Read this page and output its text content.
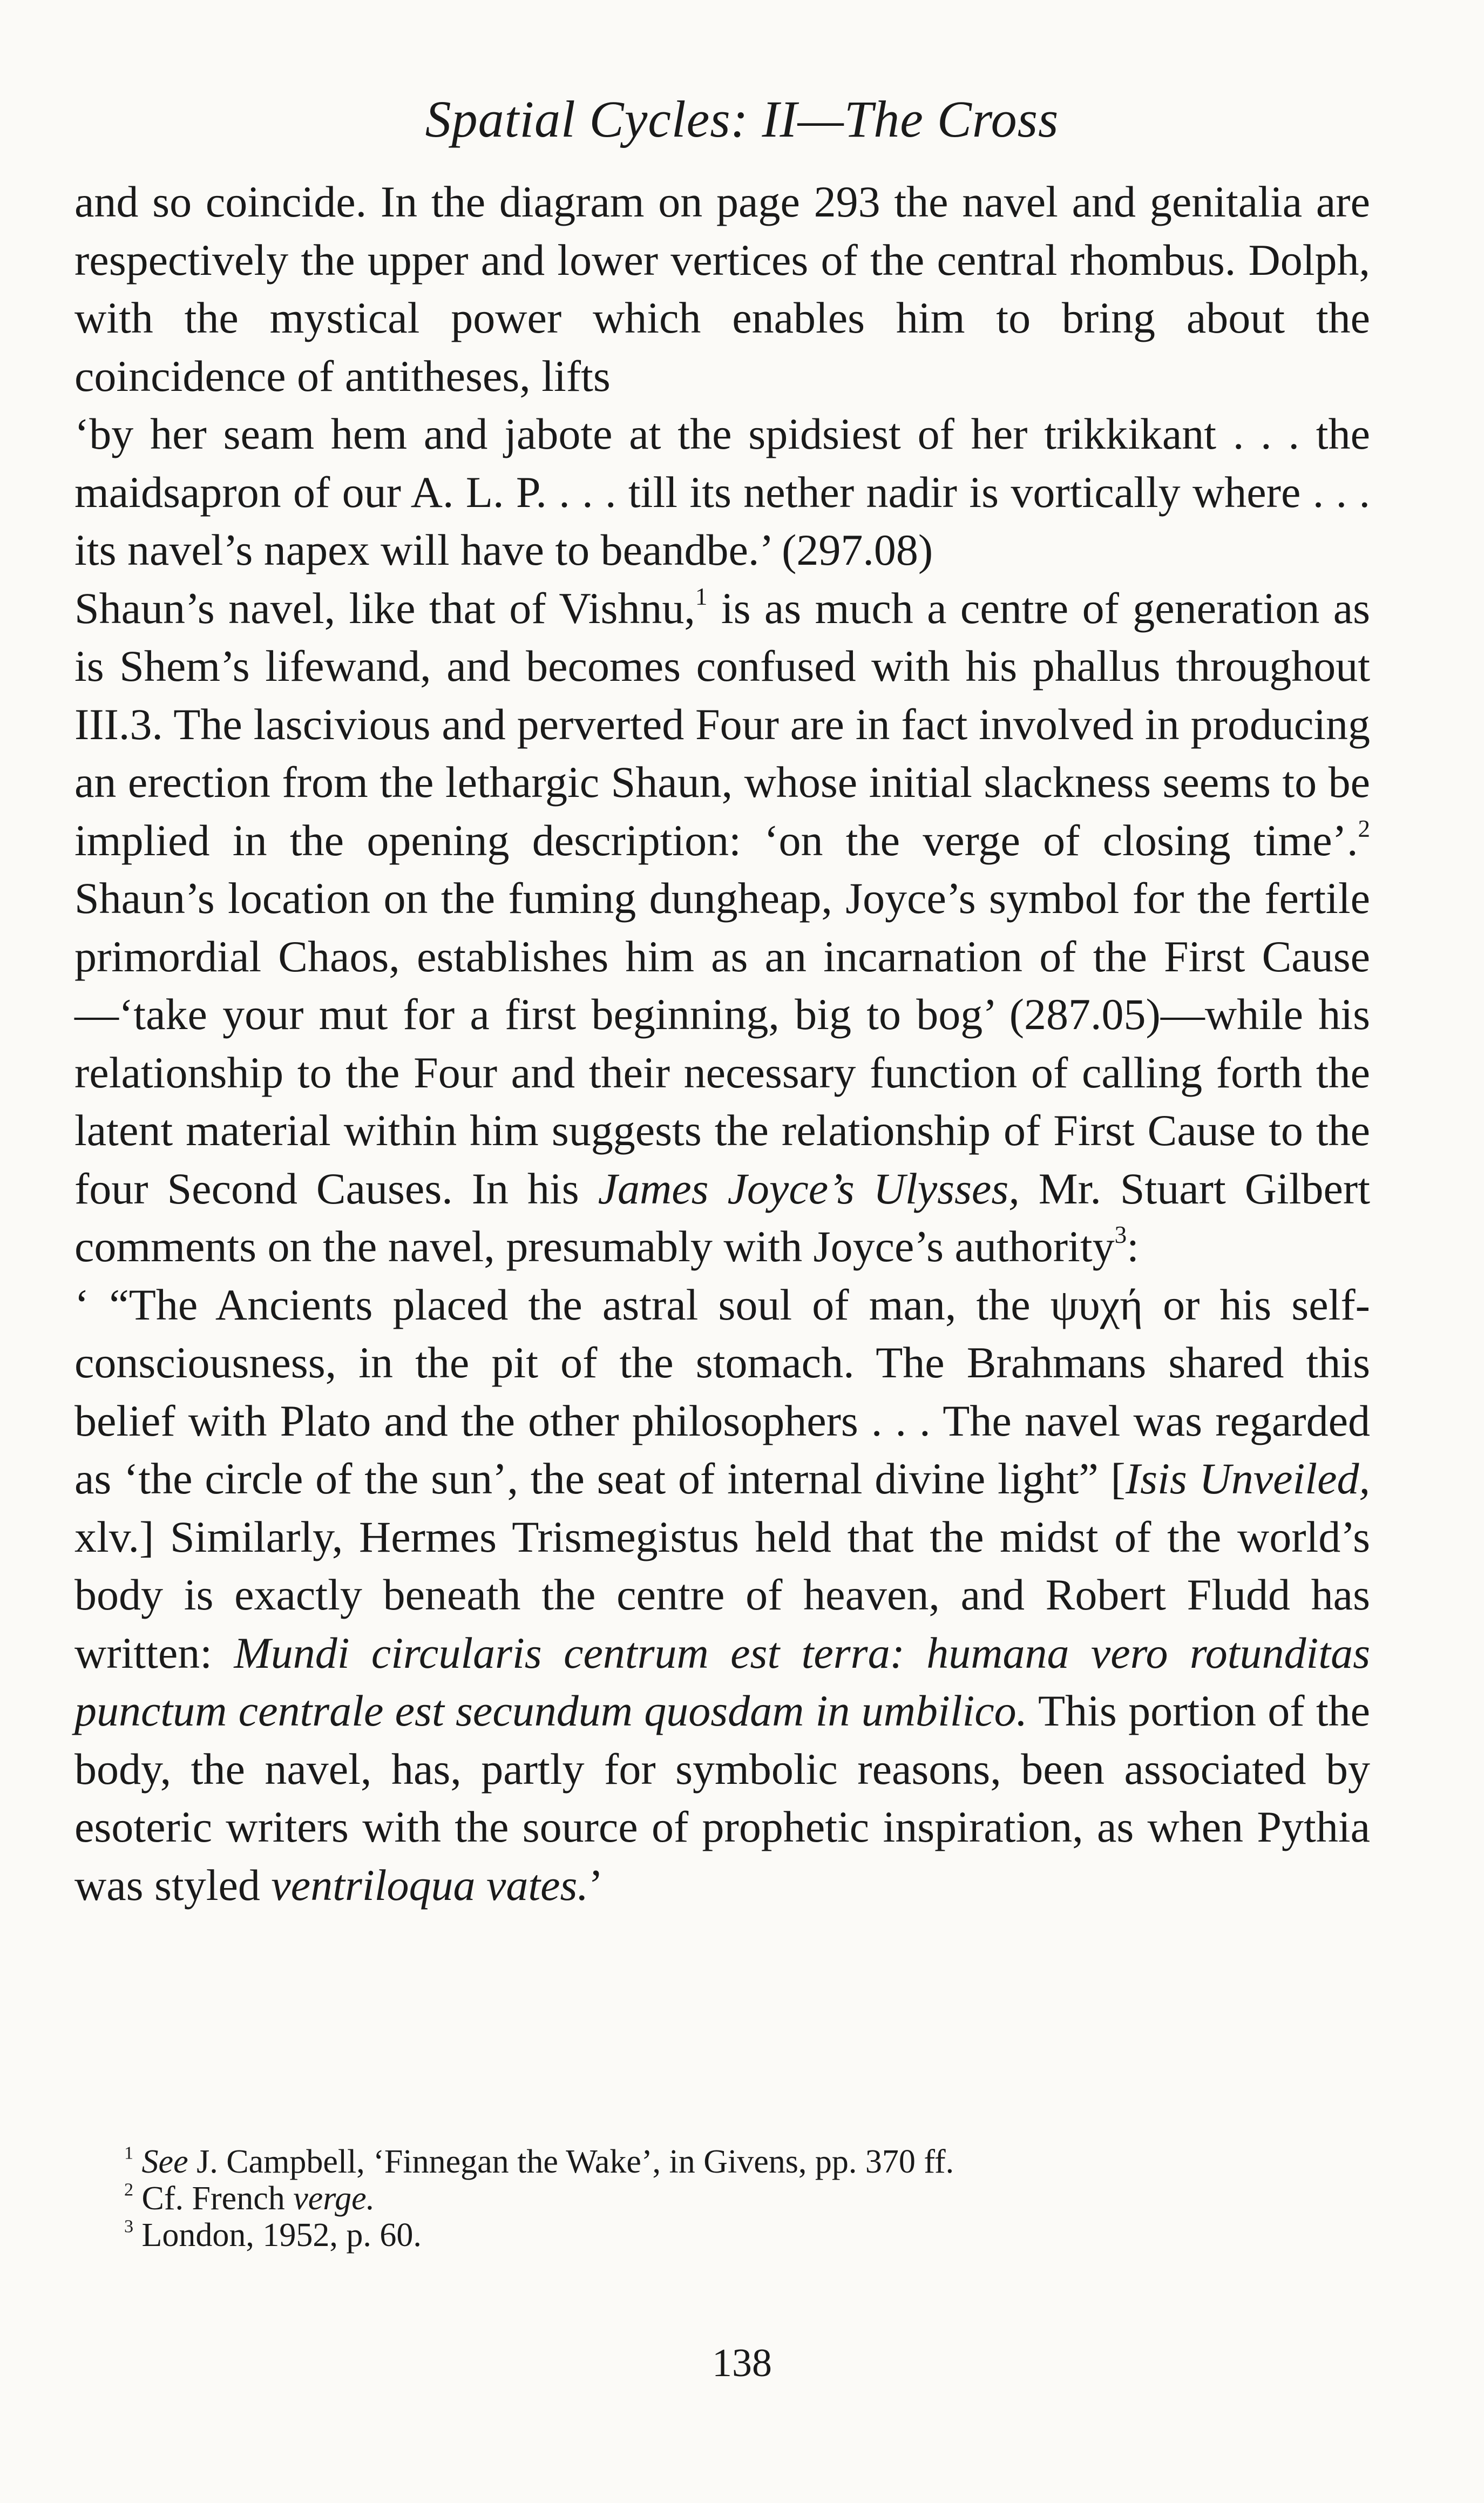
Spatial Cycles: II—The Cross

and so coincide. In the diagram on page 293 the navel and genitalia are respectively the upper and lower vertices of the central rhombus. Dolph, with the mystical power which enables him to bring about the coincidence of antitheses, lifts

‘by her seam hem and jabote at the spidsiest of her trikkikant . . . the maidsapron of our A. L. P. . . . till its nether nadir is vortically where . . . its navel’s napex will have to beandbe.’ (297.08)

Shaun’s navel, like that of Vishnu,$^1$ is as much a centre of generation as is Shem’s lifewand, and becomes confused with his phallus throughout III.3. The lascivious and perverted Four are in fact involved in producing an erection from the lethargic Shaun, whose initial slackness seems to be implied in the opening description: ‘on the verge of closing time’.$^2$ Shaun’s location on the fuming dungheap, Joyce’s symbol for the fertile primordial Chaos, establishes him as an incarnation of the First Cause—‘take your mut for a first beginning, big to bog’ (287.05)—while his relationship to the Four and their necessary function of calling forth the latent material within him suggests the relationship of First Cause to the four Second Causes. In his James Joyce’s Ulysses, Mr. Stuart Gilbert comments on the navel, presumably with Joyce’s authority$^3$:

‘ “The Ancients placed the astral soul of man, the ψυχή or his self-consciousness, in the pit of the stomach. The Brahmans shared this belief with Plato and the other philosophers . . . The navel was regarded as ‘the circle of the sun’, the seat of internal divine light” [Isis Unveiled, xlv.] Similarly, Hermes Trismegistus held that the midst of the world’s body is exactly beneath the centre of heaven, and Robert Fludd has written: Mundi circularis centrum est terra: humana vero rotunditas punctum centrale est secundum quosdam in umbilico. This portion of the body, the navel, has, partly for symbolic reasons, been associated by esoteric writers with the source of prophetic inspiration, as when Pythia was styled ventriloqua vates.’

$^1$ See J. Campbell, ‘Finnegan the Wake’, in Givens, pp. 370 ff.

$^2$ Cf. French verge.

$^3$ London, 1952, p. 60.

138
